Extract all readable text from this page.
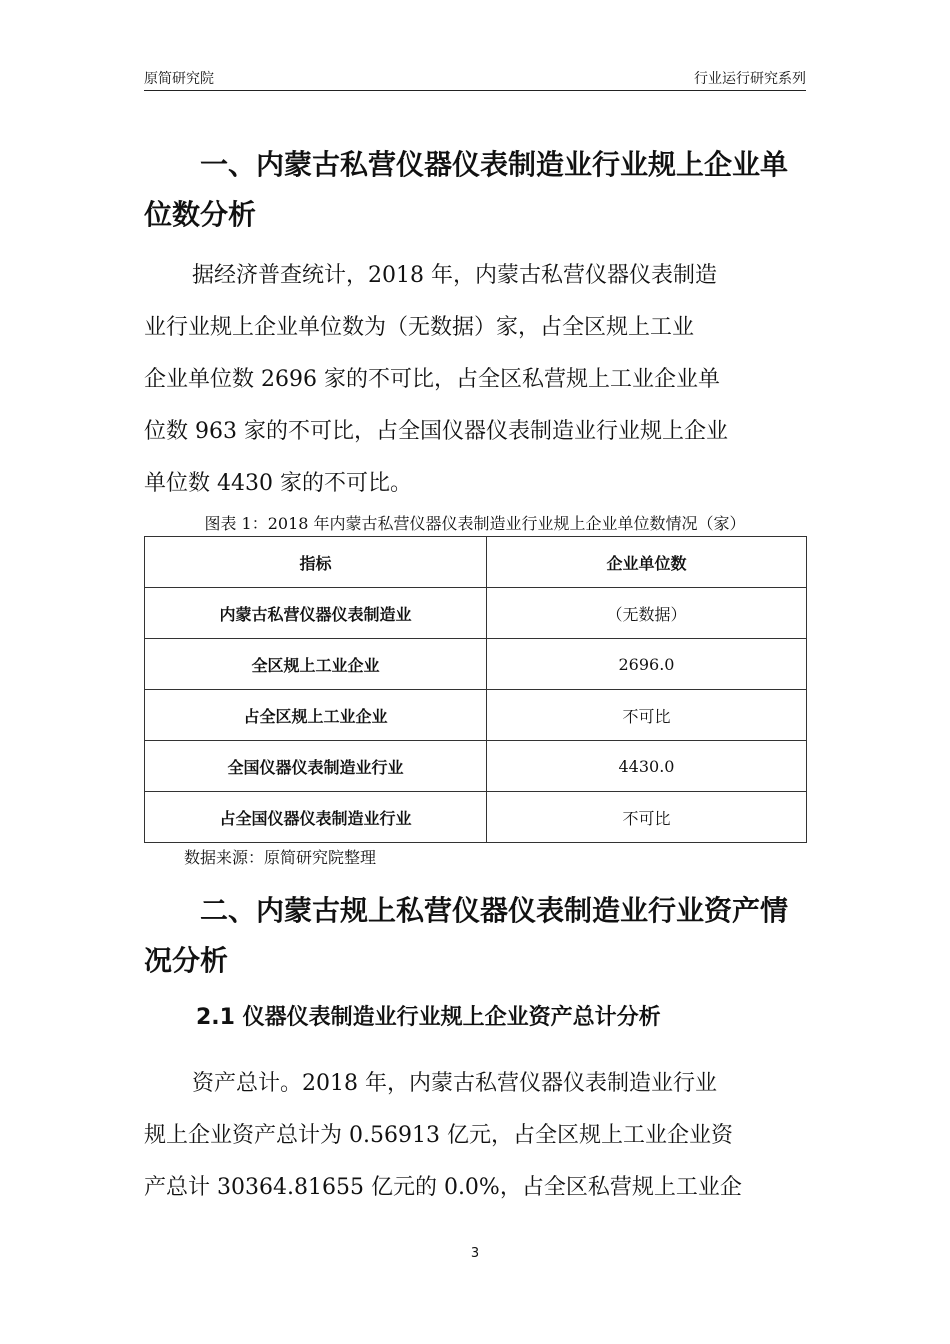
原简研究院	行业运行研究系列
一、内蒙古私营仪器仪表制造业行业规上企业单
位数分析
据经济普查统计，2018 年，内蒙古私营仪器仪表制造
业行业规上企业单位数为（无数据）家，占全区规上工业
企业单位数 2696 家的不可比，占全区私营规上工业企业单
位数 963 家的不可比，占全国仪器仪表制造业行业规上企业
单位数 4430 家的不可比。
图表 1：2018 年内蒙古私营仪器仪表制造业行业规上企业单位数情况（家）
指标	企业单位数
内蒙古私营仪器仪表制造业	（无数据）
全区规上工业企业	2696.0
占全区规上工业企业	不可比
全国仪器仪表制造业行业	4430.0
占全国仪器仪表制造业行业	不可比
数据来源：原简研究院整理
二、内蒙古规上私营仪器仪表制造业行业资产情
况分析
2.1 仪器仪表制造业行业规上企业资产总计分析
资产总计。2018 年，内蒙古私营仪器仪表制造业行业
规上企业资产总计为 0.56913 亿元，占全区规上工业企业资
产总计 30364.81655 亿元的 0.0%，占全区私营规上工业企
3
